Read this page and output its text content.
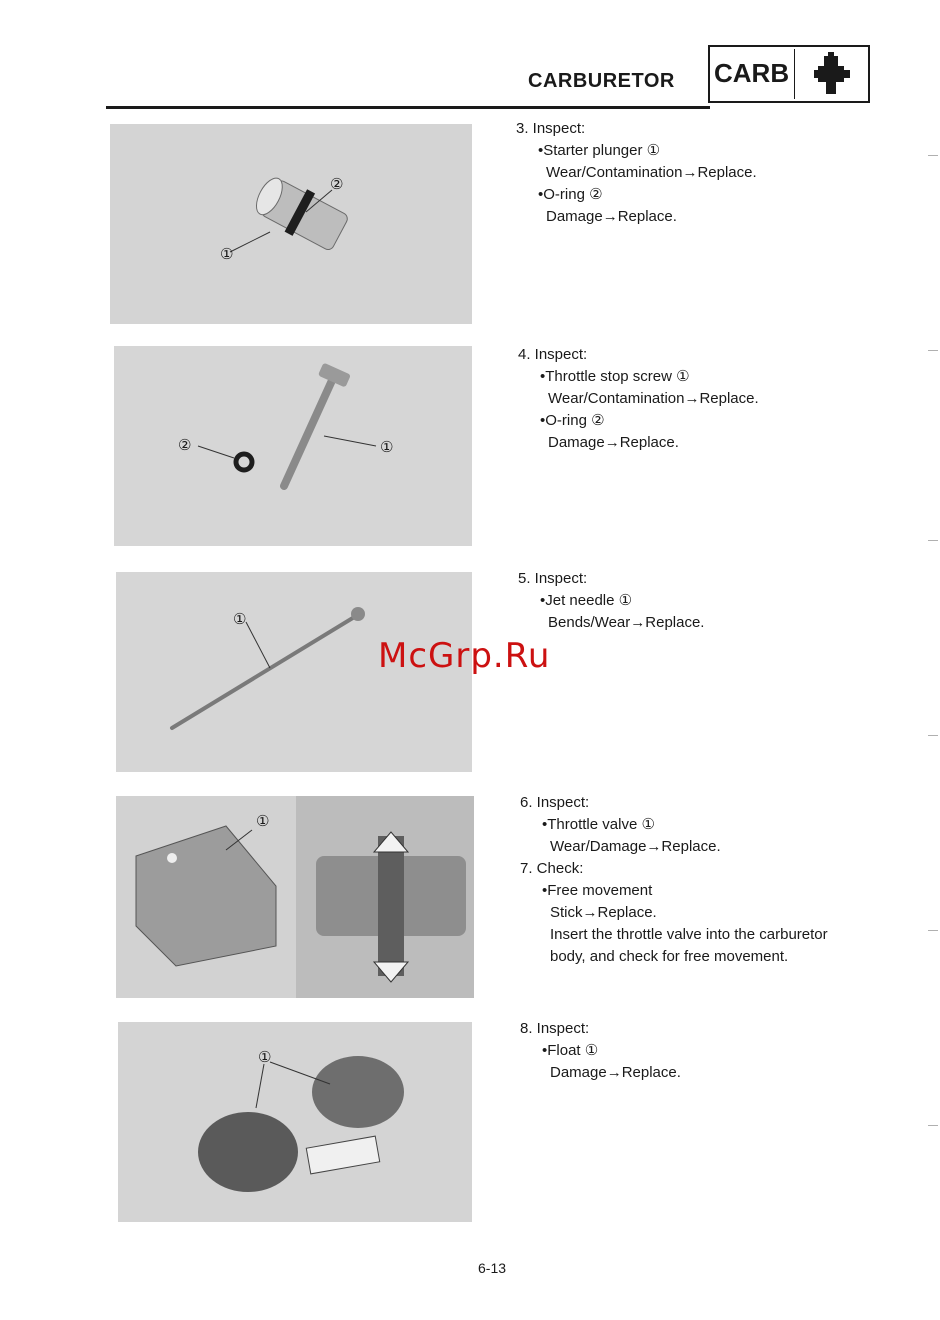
CARBURETOR CARB
①
②
②	①
①
①
①
3. Inspect:
•Starter plunger ①
Wear/Contamination→Replace.
•O-ring ②
Damage→Replace.
4. Inspect:
•Throttle stop screw ①
Wear/Contamination→Replace.
•O-ring ②
Damage→Replace.
5. Inspect:
•Jet needle ①
Bends/Wear→Replace.
6. Inspect:
•Throttle valve ①
Wear/Damage→Replace.
7. Check:
•Free movement
Stick→Replace.
Insert the throttle valve into the carburetor
body, and check for free movement.
8. Inspect:
•Float ①
Damage→Replace.
McGrp.Ru
6-13
